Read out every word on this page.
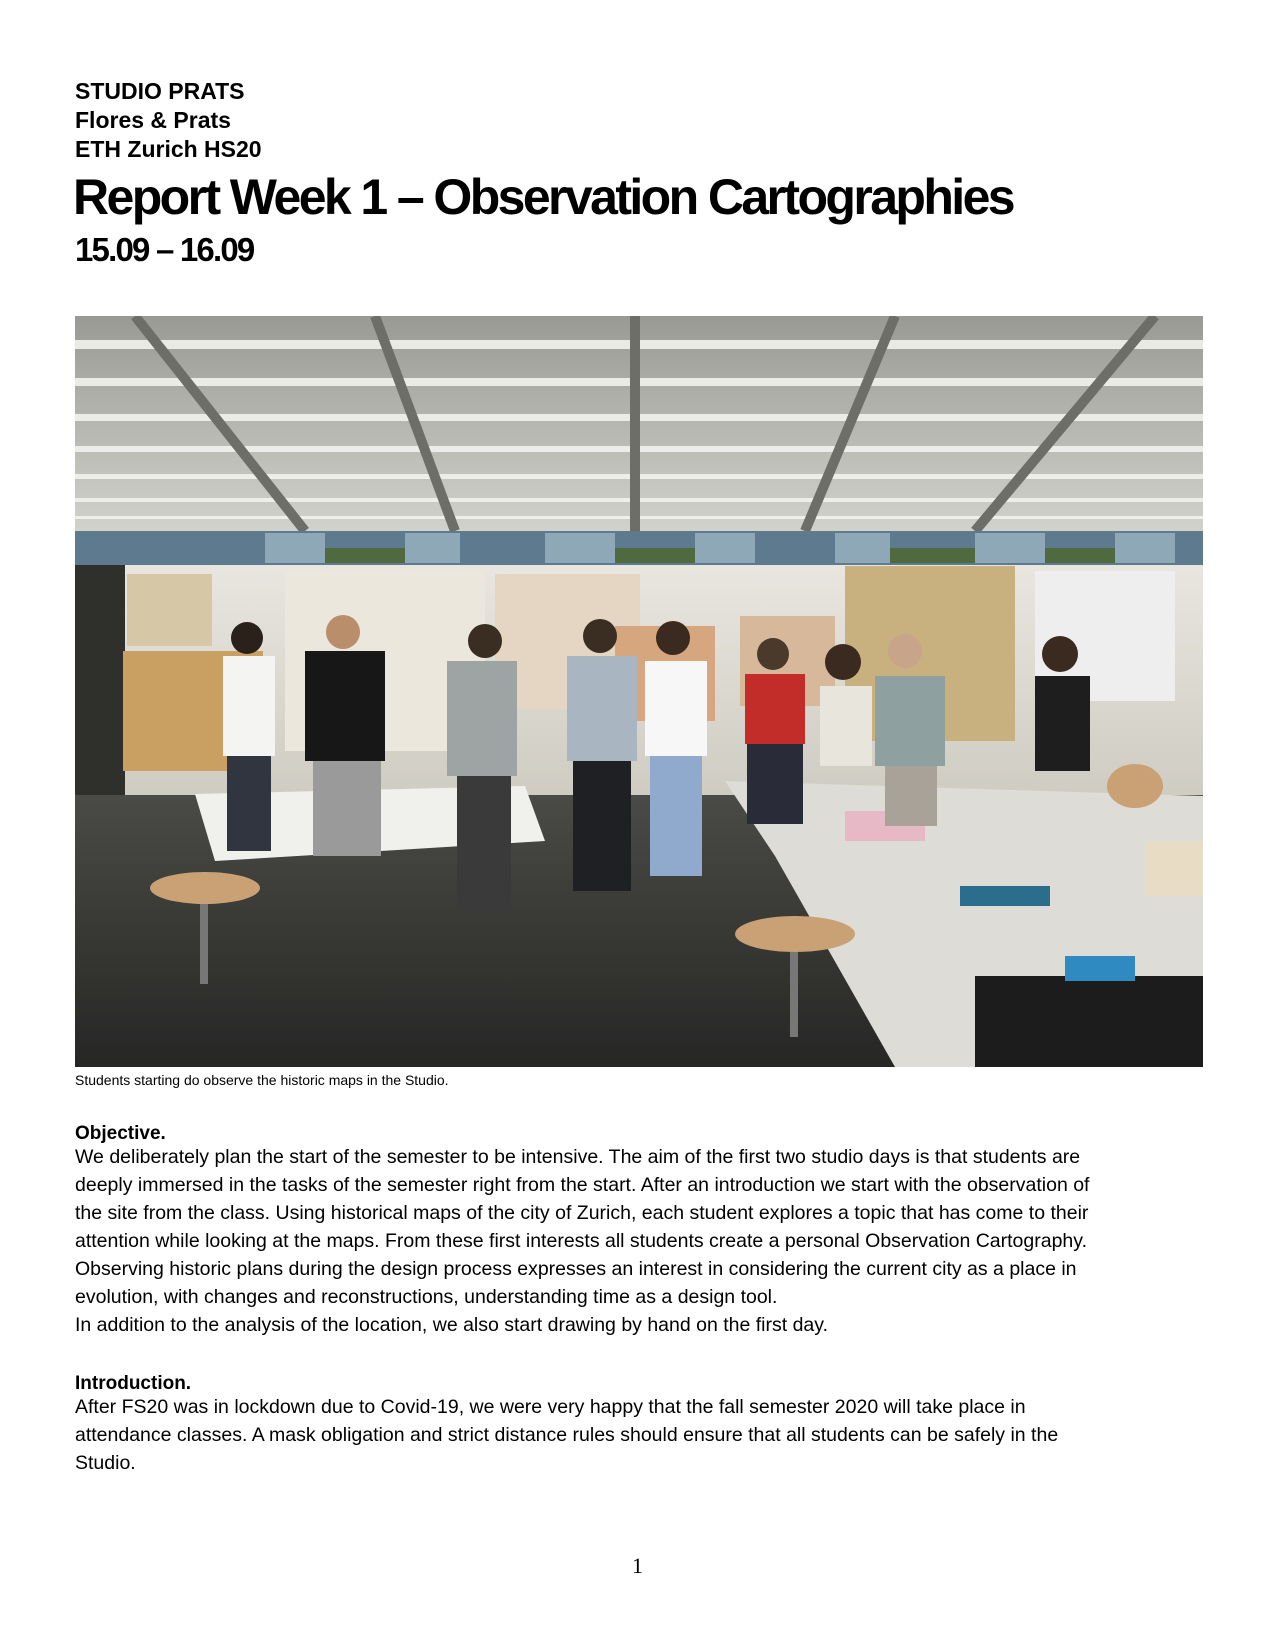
STUDIO PRATS

Flores & Prats

ETH Zurich HS20

Report Week 1 – Observation Cartographies
15.09 – 16.09

Students starting do observe the historic maps in the Studio.

Objective.

We deliberately plan the start of the semester to be intensive. The aim of the first two studio days is that students are

deeply immersed in the tasks of the semester right from the start. After an introduction we start with the observation of

the site from the class. Using historical maps of the city of Zurich, each student explores a topic that has come to their

attention while looking at the maps. From these first interests all students create a personal Observation Cartography.

Observing historic plans during the design process expresses an interest in considering the current city as a place in

evolution, with changes and reconstructions, understanding time as a design tool.

In addition to the analysis of the location, we also start drawing by hand on the first day.

Introduction.

After FS20 was in lockdown due to Covid-19, we were very happy that the fall semester 2020 will take place in

attendance classes. A mask obligation and strict distance rules should ensure that all students can be safely in the

Studio.

1
